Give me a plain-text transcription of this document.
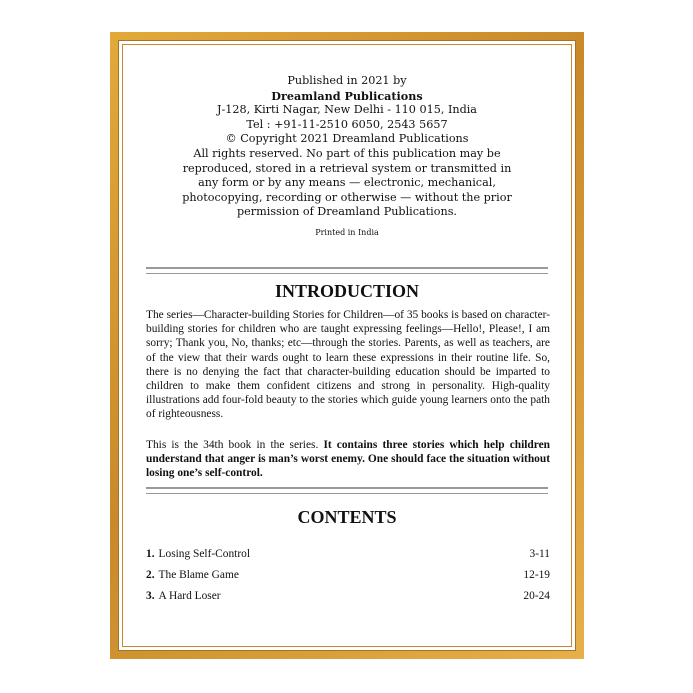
Published in 2021 by
Dreamland Publications
J-128, Kirti Nagar, New Delhi - 110 015, India
Tel : +91-11-2510 6050, 2543 5657
© Copyright 2021 Dreamland Publications
All rights reserved. No part of this publication may be
reproduced, stored in a retrieval system or transmitted in
any form or by any means — electronic, mechanical,
photocopying, recording or otherwise — without the prior
permission of Dreamland Publications.
Printed in India
INTRODUCTION
The series—Character-building Stories for Children—of 35 books is based on character-building stories for children who are taught expressing feelings—Hello!, Please!, I am sorry; Thank you, No, thanks; etc—through the stories. Parents, as well as teachers, are of the view that their wards ought to learn these expressions in their routine life. So, there is no denying the fact that character-building education should be imparted to children to make them confident citizens and strong in personality. High-quality illustrations add four-fold beauty to the stories which guide young learners onto the path of righteousness.
This is the 34th book in the series. It contains three stories which help children understand that anger is man’s worst enemy. One should face the situation without losing one’s self-control.
CONTENTS
1. Losing Self-Control	3-11
2. The Blame Game	12-19
3. A Hard Loser	20-24
